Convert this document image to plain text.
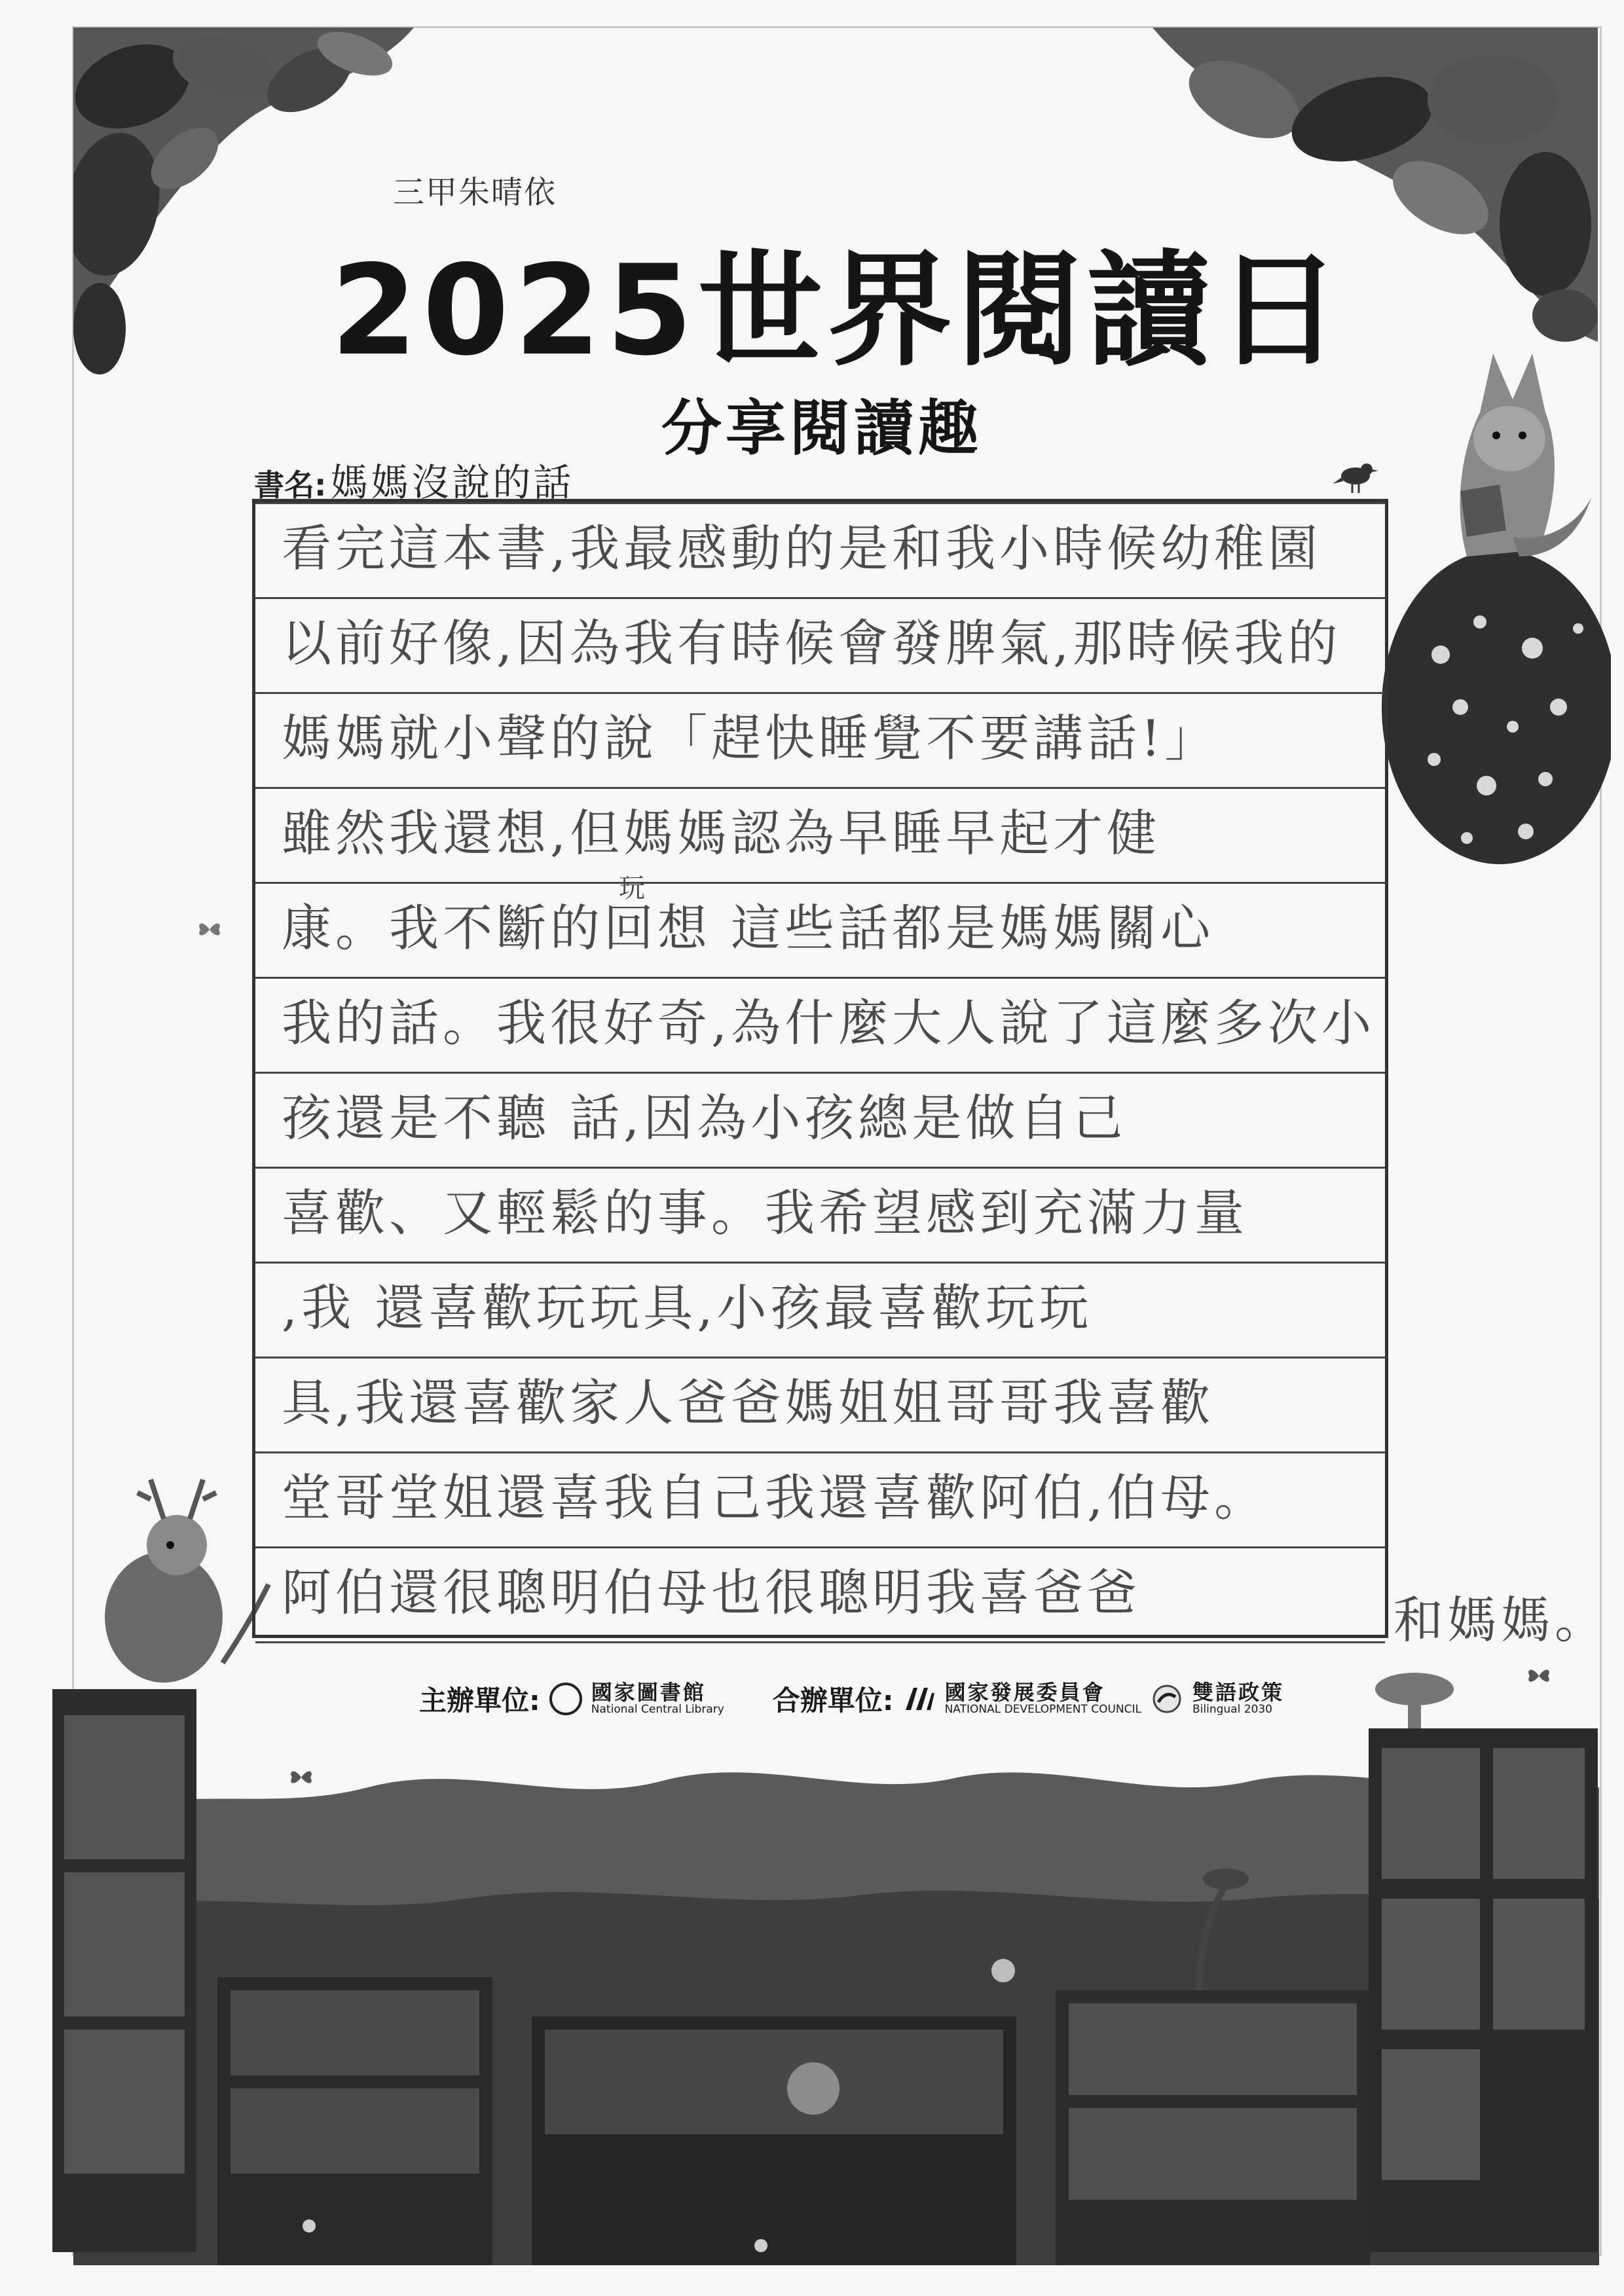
三甲朱晴依
2025世界閱讀日
分享閱讀趣
書名: 媽媽沒說的話
看完這本書,我最感動的是和我小時候幼稚園
以前好像,因為我有時候會發脾氣,那時候我的
媽媽就小聲的說「趕快睡覺不要講話!」
雖然我還想,但媽媽認為早睡早起才健
康。我不斷的回想 這些話都是媽媽關心
我的話。我很好奇,為什麼大人說了這麼多次小
孩還是不聽 話,因為小孩總是做自己
喜歡、又輕鬆的事。我希望感到充滿力量
,我 還喜歡玩玩具,小孩最喜歡玩玩
具,我還喜歡家人爸爸媽姐姐哥哥我喜歡
堂哥堂姐還喜我自己我還喜歡阿伯,伯母。
阿伯還很聰明伯母也很聰明我喜爸爸
玩
和媽媽。
主辦單位: 國家圖書館
National Central Library 合辦單位: 國家發展委員會
NATIONAL DEVELOPMENT COUNCIL
雙語政策
Bilingual 2030
